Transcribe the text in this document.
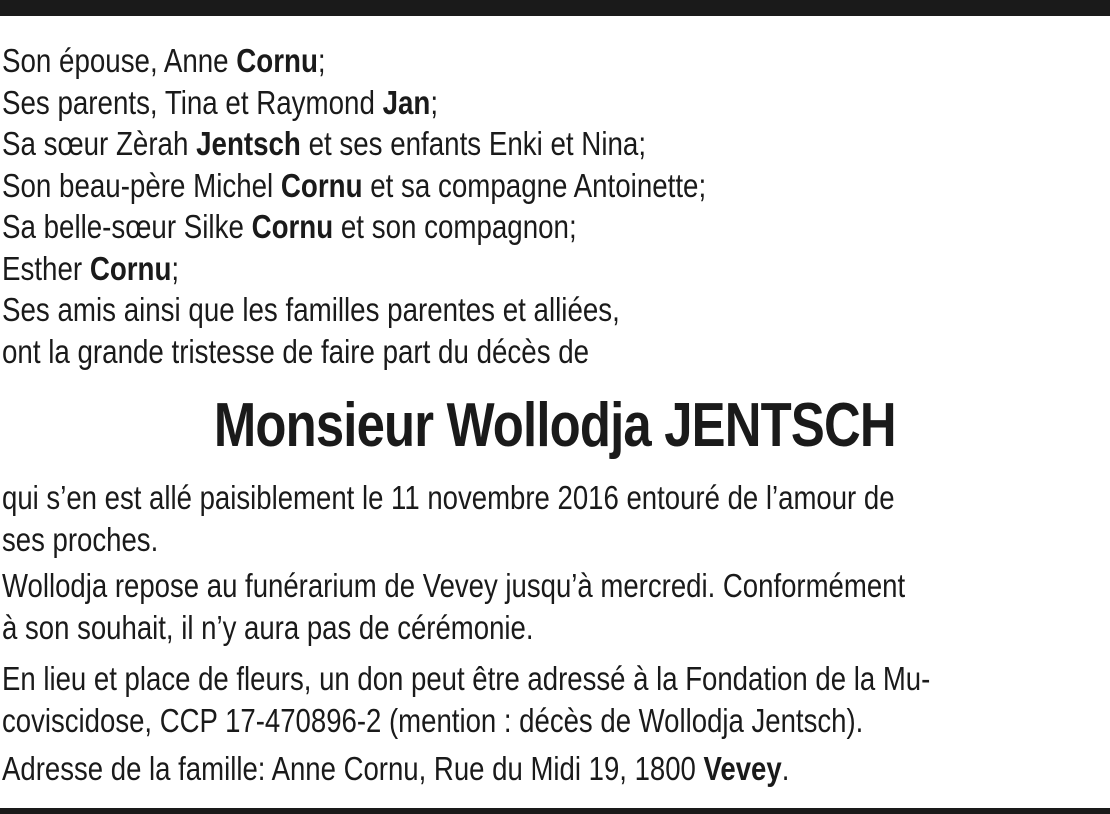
Son épouse, Anne Cornu;
Ses parents, Tina et Raymond Jan;
Sa sœur Zèrah Jentsch et ses enfants Enki et Nina;
Son beau-père Michel Cornu et sa compagne Antoinette;
Sa belle-sœur Silke Cornu et son compagnon;
Esther Cornu;
Ses amis ainsi que les familles parentes et alliées,
ont la grande tristesse de faire part du décès de
Monsieur Wollodja JENTSCH
qui s’en est allé paisiblement le 11 novembre 2016 entouré de l’amour de
ses proches.
Wollodja repose au funérarium de Vevey jusqu’à mercredi. Conformément
à son souhait, il n’y aura pas de cérémonie.
En lieu et place de fleurs, un don peut être adressé à la Fondation de la Mu-
coviscidose, CCP 17-470896-2 (mention : décès de Wollodja Jentsch).
Adresse de la famille: Anne Cornu, Rue du Midi 19, 1800 Vevey.
